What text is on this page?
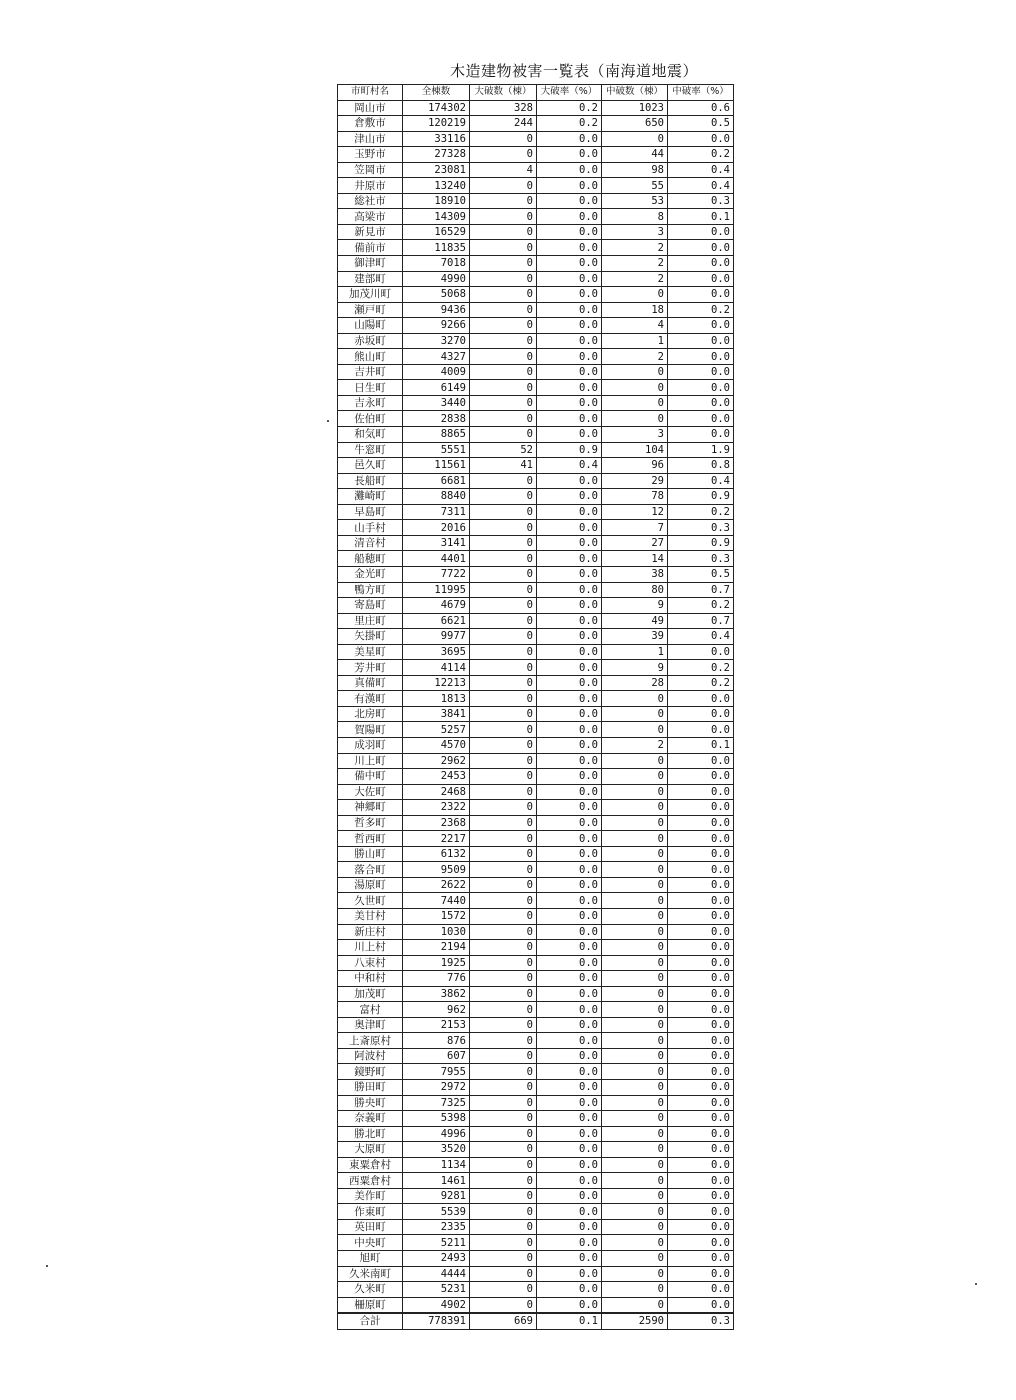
木造建物被害一覧表（南海道地震）
市町村名	全棟数	大破数（棟）	大破率（%）	中破数（棟）	中破率（%）
岡山市	174302	328	0.2	1023	0.6
倉敷市	120219	244	0.2	650	0.5
津山市	33116	0	0.0	0	0.0
玉野市	27328	0	0.0	44	0.2
笠岡市	23081	4	0.0	98	0.4
井原市	13240	0	0.0	55	0.4
総社市	18910	0	0.0	53	0.3
高梁市	14309	0	0.0	8	0.1
新見市	16529	0	0.0	3	0.0
備前市	11835	0	0.0	2	0.0
御津町	7018	0	0.0	2	0.0
建部町	4990	0	0.0	2	0.0
加茂川町	5068	0	0.0	0	0.0
瀬戸町	9436	0	0.0	18	0.2
山陽町	9266	0	0.0	4	0.0
赤坂町	3270	0	0.0	1	0.0
熊山町	4327	0	0.0	2	0.0
吉井町	4009	0	0.0	0	0.0
日生町	6149	0	0.0	0	0.0
吉永町	3440	0	0.0	0	0.0
佐伯町	2838	0	0.0	0	0.0
和気町	8865	0	0.0	3	0.0
牛窓町	5551	52	0.9	104	1.9
邑久町	11561	41	0.4	96	0.8
長船町	6681	0	0.0	29	0.4
灘崎町	8840	0	0.0	78	0.9
早島町	7311	0	0.0	12	0.2
山手村	2016	0	0.0	7	0.3
清音村	3141	0	0.0	27	0.9
船穂町	4401	0	0.0	14	0.3
金光町	7722	0	0.0	38	0.5
鴨方町	11995	0	0.0	80	0.7
寄島町	4679	0	0.0	9	0.2
里庄町	6621	0	0.0	49	0.7
矢掛町	9977	0	0.0	39	0.4
美星町	3695	0	0.0	1	0.0
芳井町	4114	0	0.0	9	0.2
真備町	12213	0	0.0	28	0.2
有漢町	1813	0	0.0	0	0.0
北房町	3841	0	0.0	0	0.0
賀陽町	5257	0	0.0	0	0.0
成羽町	4570	0	0.0	2	0.1
川上町	2962	0	0.0	0	0.0
備中町	2453	0	0.0	0	0.0
大佐町	2468	0	0.0	0	0.0
神郷町	2322	0	0.0	0	0.0
哲多町	2368	0	0.0	0	0.0
哲西町	2217	0	0.0	0	0.0
勝山町	6132	0	0.0	0	0.0
落合町	9509	0	0.0	0	0.0
湯原町	2622	0	0.0	0	0.0
久世町	7440	0	0.0	0	0.0
美甘村	1572	0	0.0	0	0.0
新庄村	1030	0	0.0	0	0.0
川上村	2194	0	0.0	0	0.0
八束村	1925	0	0.0	0	0.0
中和村	776	0	0.0	0	0.0
加茂町	3862	0	0.0	0	0.0
富村	962	0	0.0	0	0.0
奥津町	2153	0	0.0	0	0.0
上斎原村	876	0	0.0	0	0.0
阿波村	607	0	0.0	0	0.0
鏡野町	7955	0	0.0	0	0.0
勝田町	2972	0	0.0	0	0.0
勝央町	7325	0	0.0	0	0.0
奈義町	5398	0	0.0	0	0.0
勝北町	4996	0	0.0	0	0.0
大原町	3520	0	0.0	0	0.0
東粟倉村	1134	0	0.0	0	0.0
西粟倉村	1461	0	0.0	0	0.0
美作町	9281	0	0.0	0	0.0
作東町	5539	0	0.0	0	0.0
英田町	2335	0	0.0	0	0.0
中央町	5211	0	0.0	0	0.0
旭町	2493	0	0.0	0	0.0
久米南町	4444	0	0.0	0	0.0
久米町	5231	0	0.0	0	0.0
柵原町	4902	0	0.0	0	0.0
合計	778391	669	0.1	2590	0.3
